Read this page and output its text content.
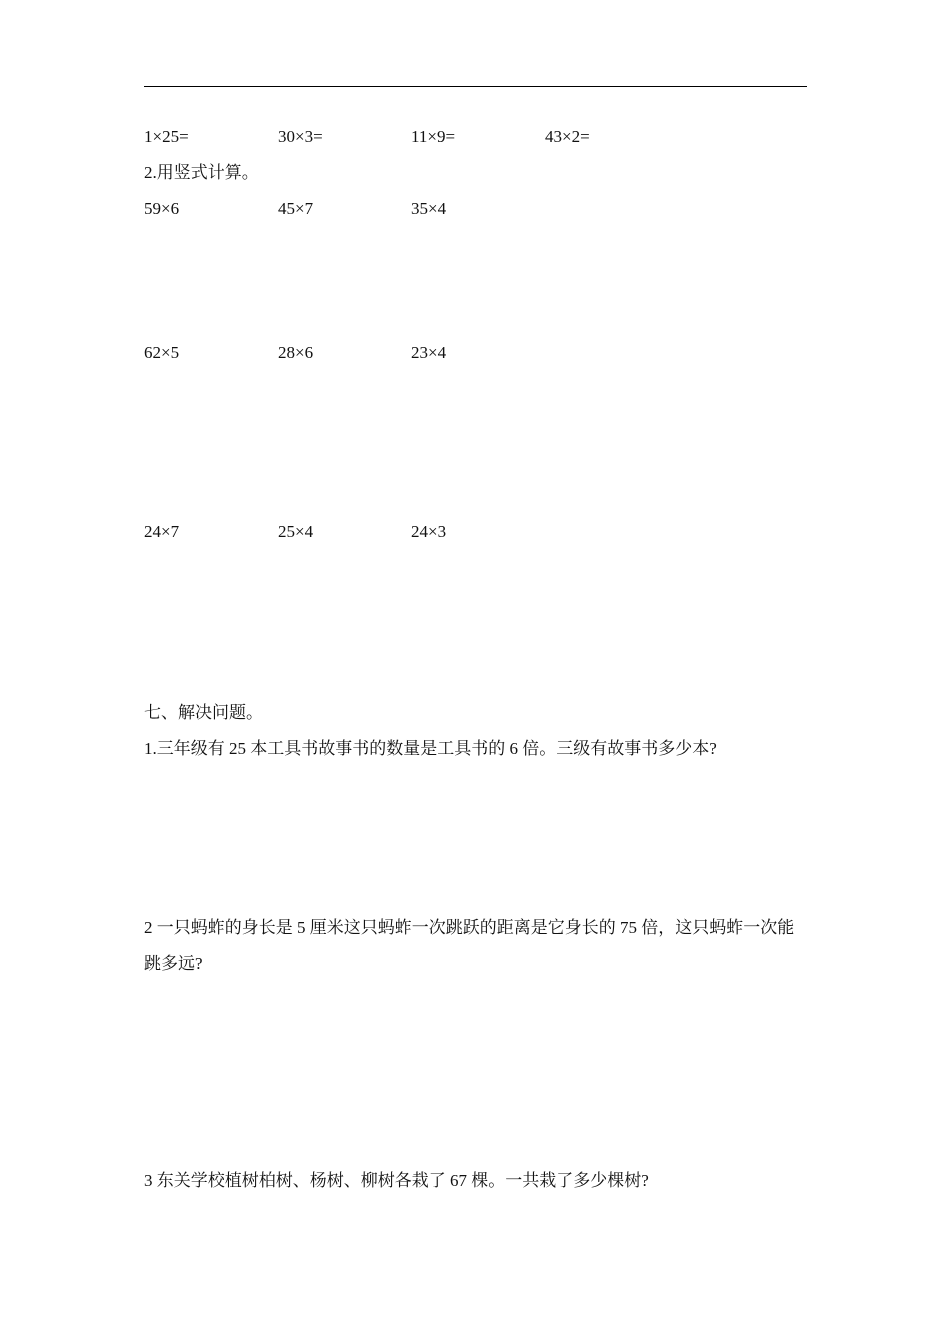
1×25=	30×3=	11×9=	43×2=
2.用竖式计算。
59×6	45×7	35×4
62×5	28×6	23×4
24×7	25×4	24×3
七、解决问题。
1.三年级有 25 本工具书故事书的数量是工具书的 6 倍。三级有故事书多少本?
2 一只蚂蚱的身长是 5 厘米这只蚂蚱一次跳跃的距离是它身长的 75 倍，这只蚂蚱一次能跳多远?
3 东关学校植树柏树、杨树、柳树各栽了 67 棵。一共栽了多少棵树?
